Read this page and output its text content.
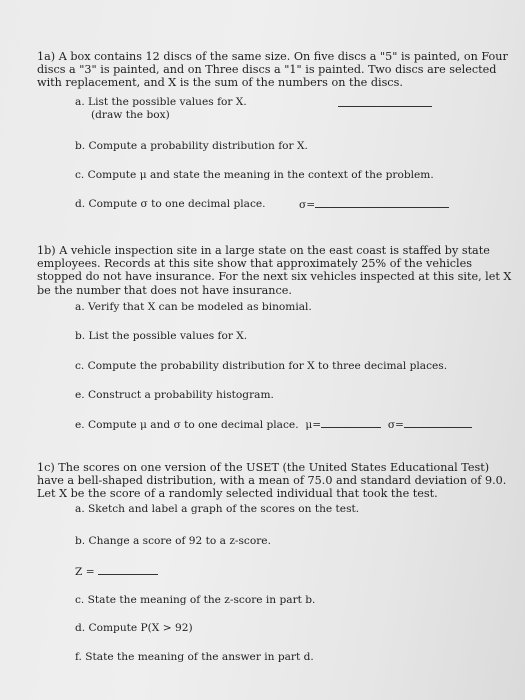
1a) A box contains 12 discs of the same size. On five discs a "5" is painted, on Four

discs a "3" is painted, and on Three discs a "1" is painted. Two discs are selected

with replacement, and X is the sum of the numbers on the discs.

a. List the possible values for X.
(draw the box)
b. Compute a probability distribution for X.
c. Compute μ and state the meaning in the context of the problem.
d. Compute σ to one decimal place.	σ=

1b) A vehicle inspection site in a large state on the east coast is staffed by state

employees. Records at this site show that approximately 25% of the vehicles

stopped do not have insurance. For the next six vehicles inspected at this site, let X

be the number that does not have insurance.

a. Verify that X can be modeled as binomial.
b. List the possible values for X.
c. Compute the probability distribution for X to three decimal places.
e. Construct a probability histogram.
e. Compute μ and σ to one decimal place. μ=	σ=

1c) The scores on one version of the USET (the United States Educational Test)

have a bell-shaped distribution, with a mean of 75.0 and standard deviation of 9.0.

Let X be the score of a randomly selected individual that took the test.

a. Sketch and label a graph of the scores on the test.
b. Change a score of 92 to a z-score.
Z =
c. State the meaning of the z-score in part b.
d. Compute P(X > 92)
f. State the meaning of the answer in part d.
